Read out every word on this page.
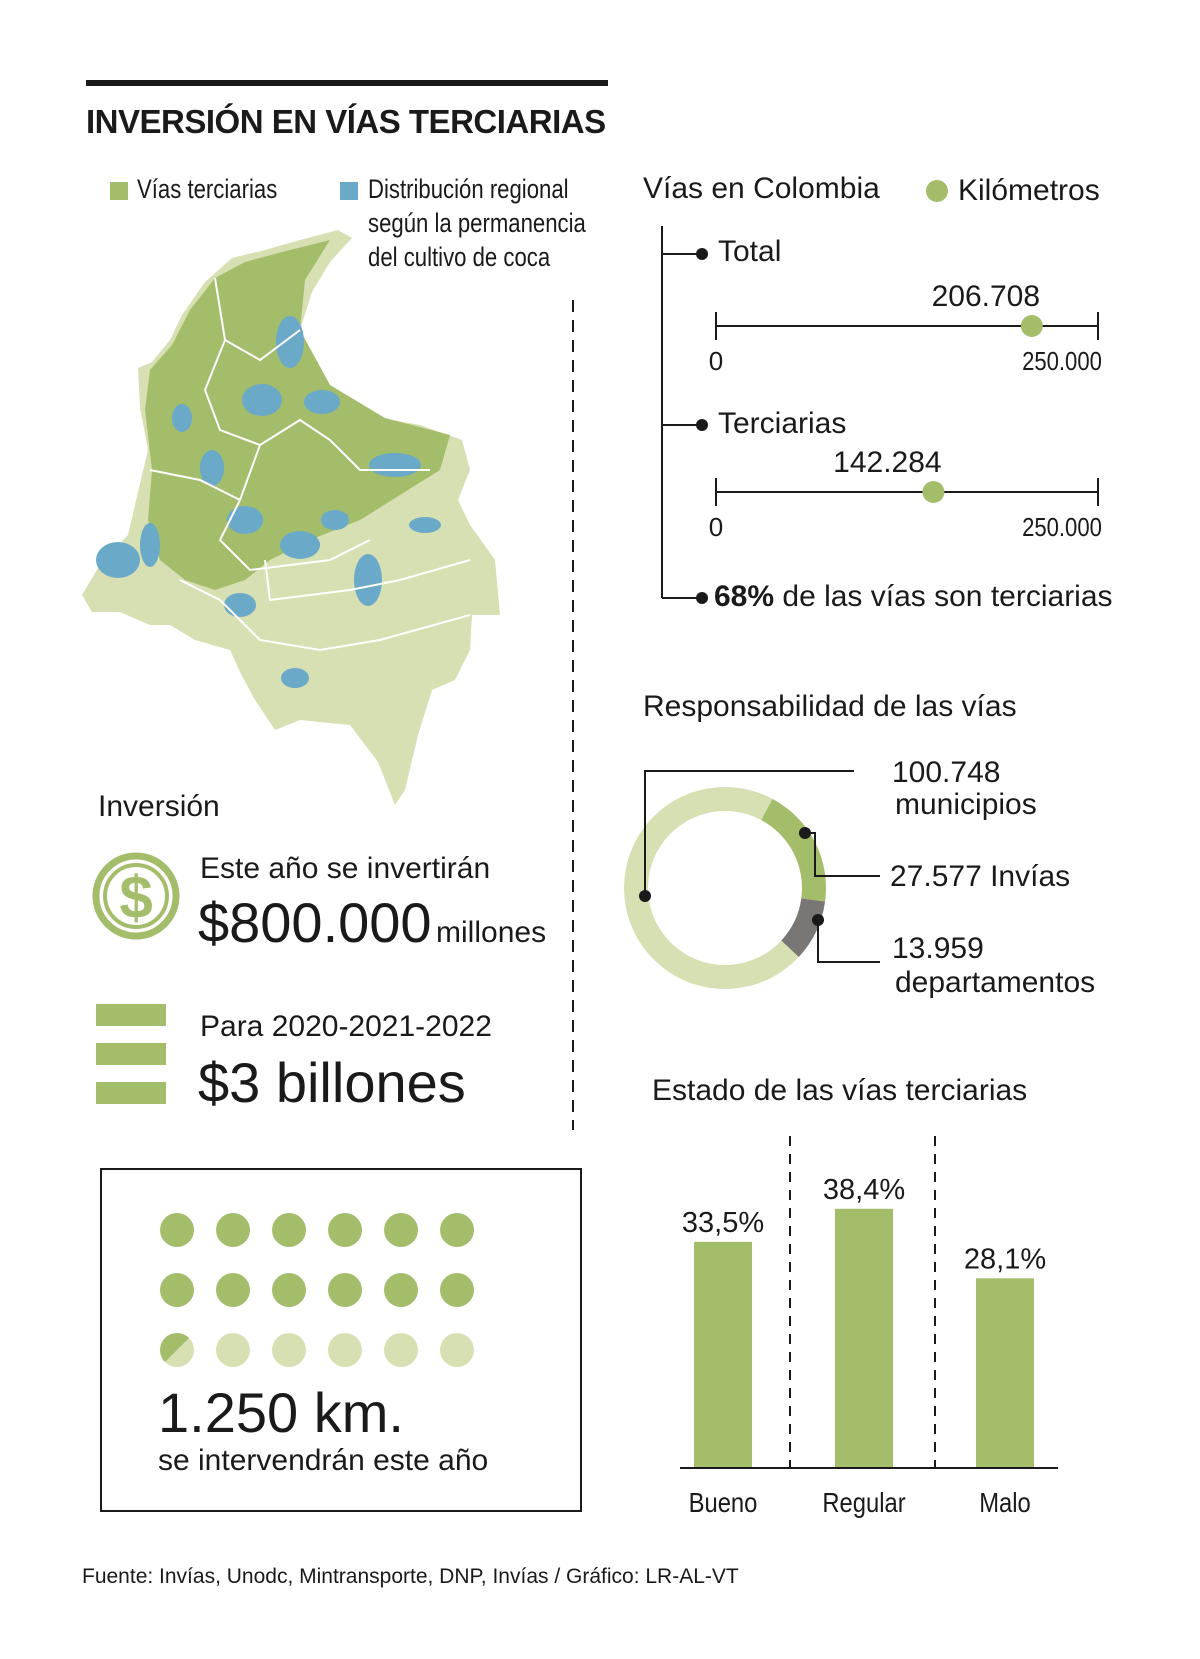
INVERSIÓN EN VÍAS TERCIARIAS
Vías terciarias	Distribución regional
según la permanencia
del cultivo de coca
Vías en Colombia	Kilómetros
206.708
0	250.000
142.284
0	250.000
Total
Terciarias
68% de las vías son terciarias
Responsabilidad de las vías
100.748
municipios
27.577 Invías
13.959
departamentos
Inversión
$ Este año se invertirán
$800.000 millones
Para 2020-2021-2022
$3 billones
1.250 km.
se intervendrán este año
Estado de las vías terciarias
33,5%
Bueno
38,4%
Regular
28,1%
Malo
Fuente: Invías, Unodc, Mintransporte, DNP, Invías / Gráfico: LR-AL-VT
